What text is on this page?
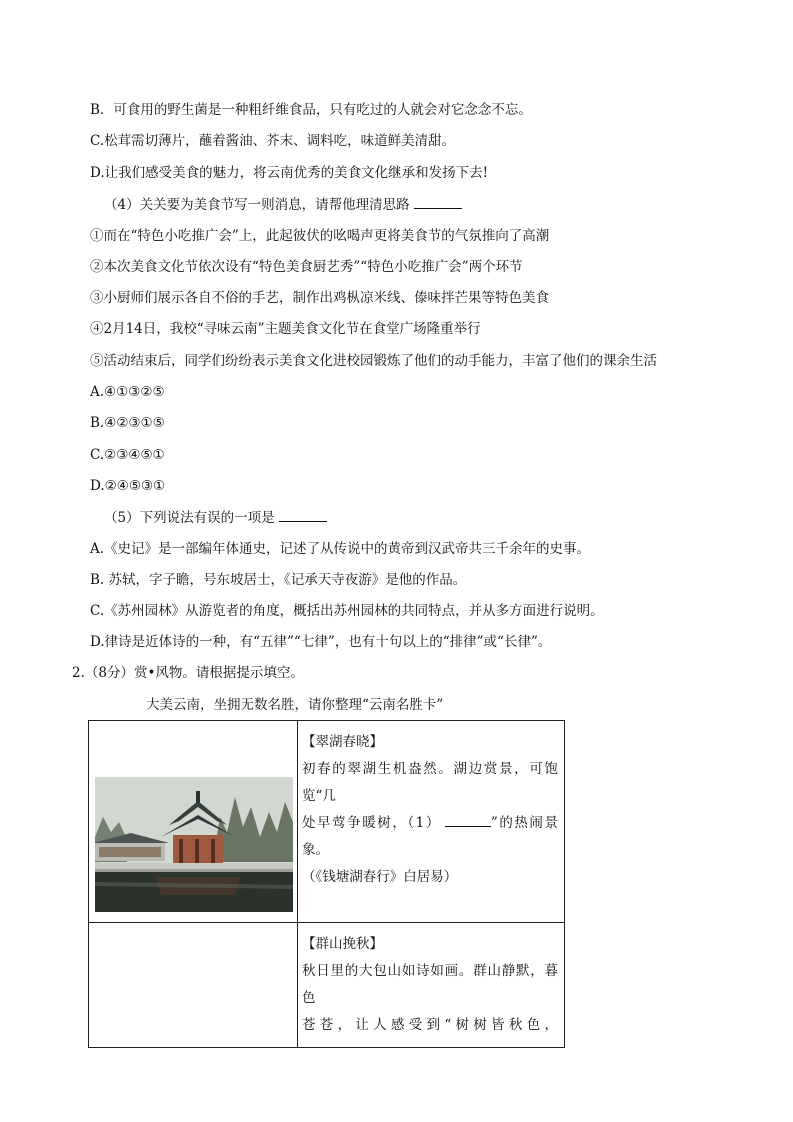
B．可食用的野生菌是一种粗纤维食品，只有吃过的人就会对它念念不忘。
C.松茸需切薄片，蘸着酱油、芥末、调料吃，味道鲜美清甜。
D.让我们感受美食的魅力，将云南优秀的美食文化继承和发扬下去!
（4）关关要为美食节写一则消息，请帮他理清思路
①而在“特色小吃推广会”上，此起彼伏的吆喝声更将美食节的气氛推向了高潮
②本次美食文化节依次设有“特色美食厨艺秀”“特色小吃推广会”两个环节
③小厨师们展示各自不俗的手艺，制作出鸡枞凉米线、傣味拌芒果等特色美食
④2月14日，我校“寻味云南”主题美食文化节在食堂广场隆重举行
⑤活动结束后，同学们纷纷表示美食文化进校园锻炼了他们的动手能力，丰富了他们的课余生活
A.④①③②⑤
B.④②③①⑤
C.②③④⑤①
D.②④⑤③①
（5）下列说法有误的一项是
A.《史记》是一部编年体通史，记述了从传说中的黄帝到汉武帝共三千余年的史事。
B. 苏轼，字子瞻，号东坡居士，《记承天寺夜游》是他的作品。
C.《苏州园林》从游览者的角度，概括出苏州园林的共同特点，并从多方面进行说明。
D.律诗是近体诗的一种，有“五律”“七律”，也有十句以上的“排律”或“长律”。
2.（8分）赏•风物。请根据提示填空。
大美云南，坐拥无数名胜，请你整理“云南名胜卡”

【翠湖春晓】
初春的翠湖生机盎然。湖边赏景，可饱览“几
处早莺争暖树，（1） ”的热闹景象。
（《钱塘湖春行》白居易）

	【群山挽秋】
秋日里的大包山如诗如画。群山静默，暮色
苍 苍 ， 让 人 感 受 到 “ 树 树 皆 秋 色 ，
